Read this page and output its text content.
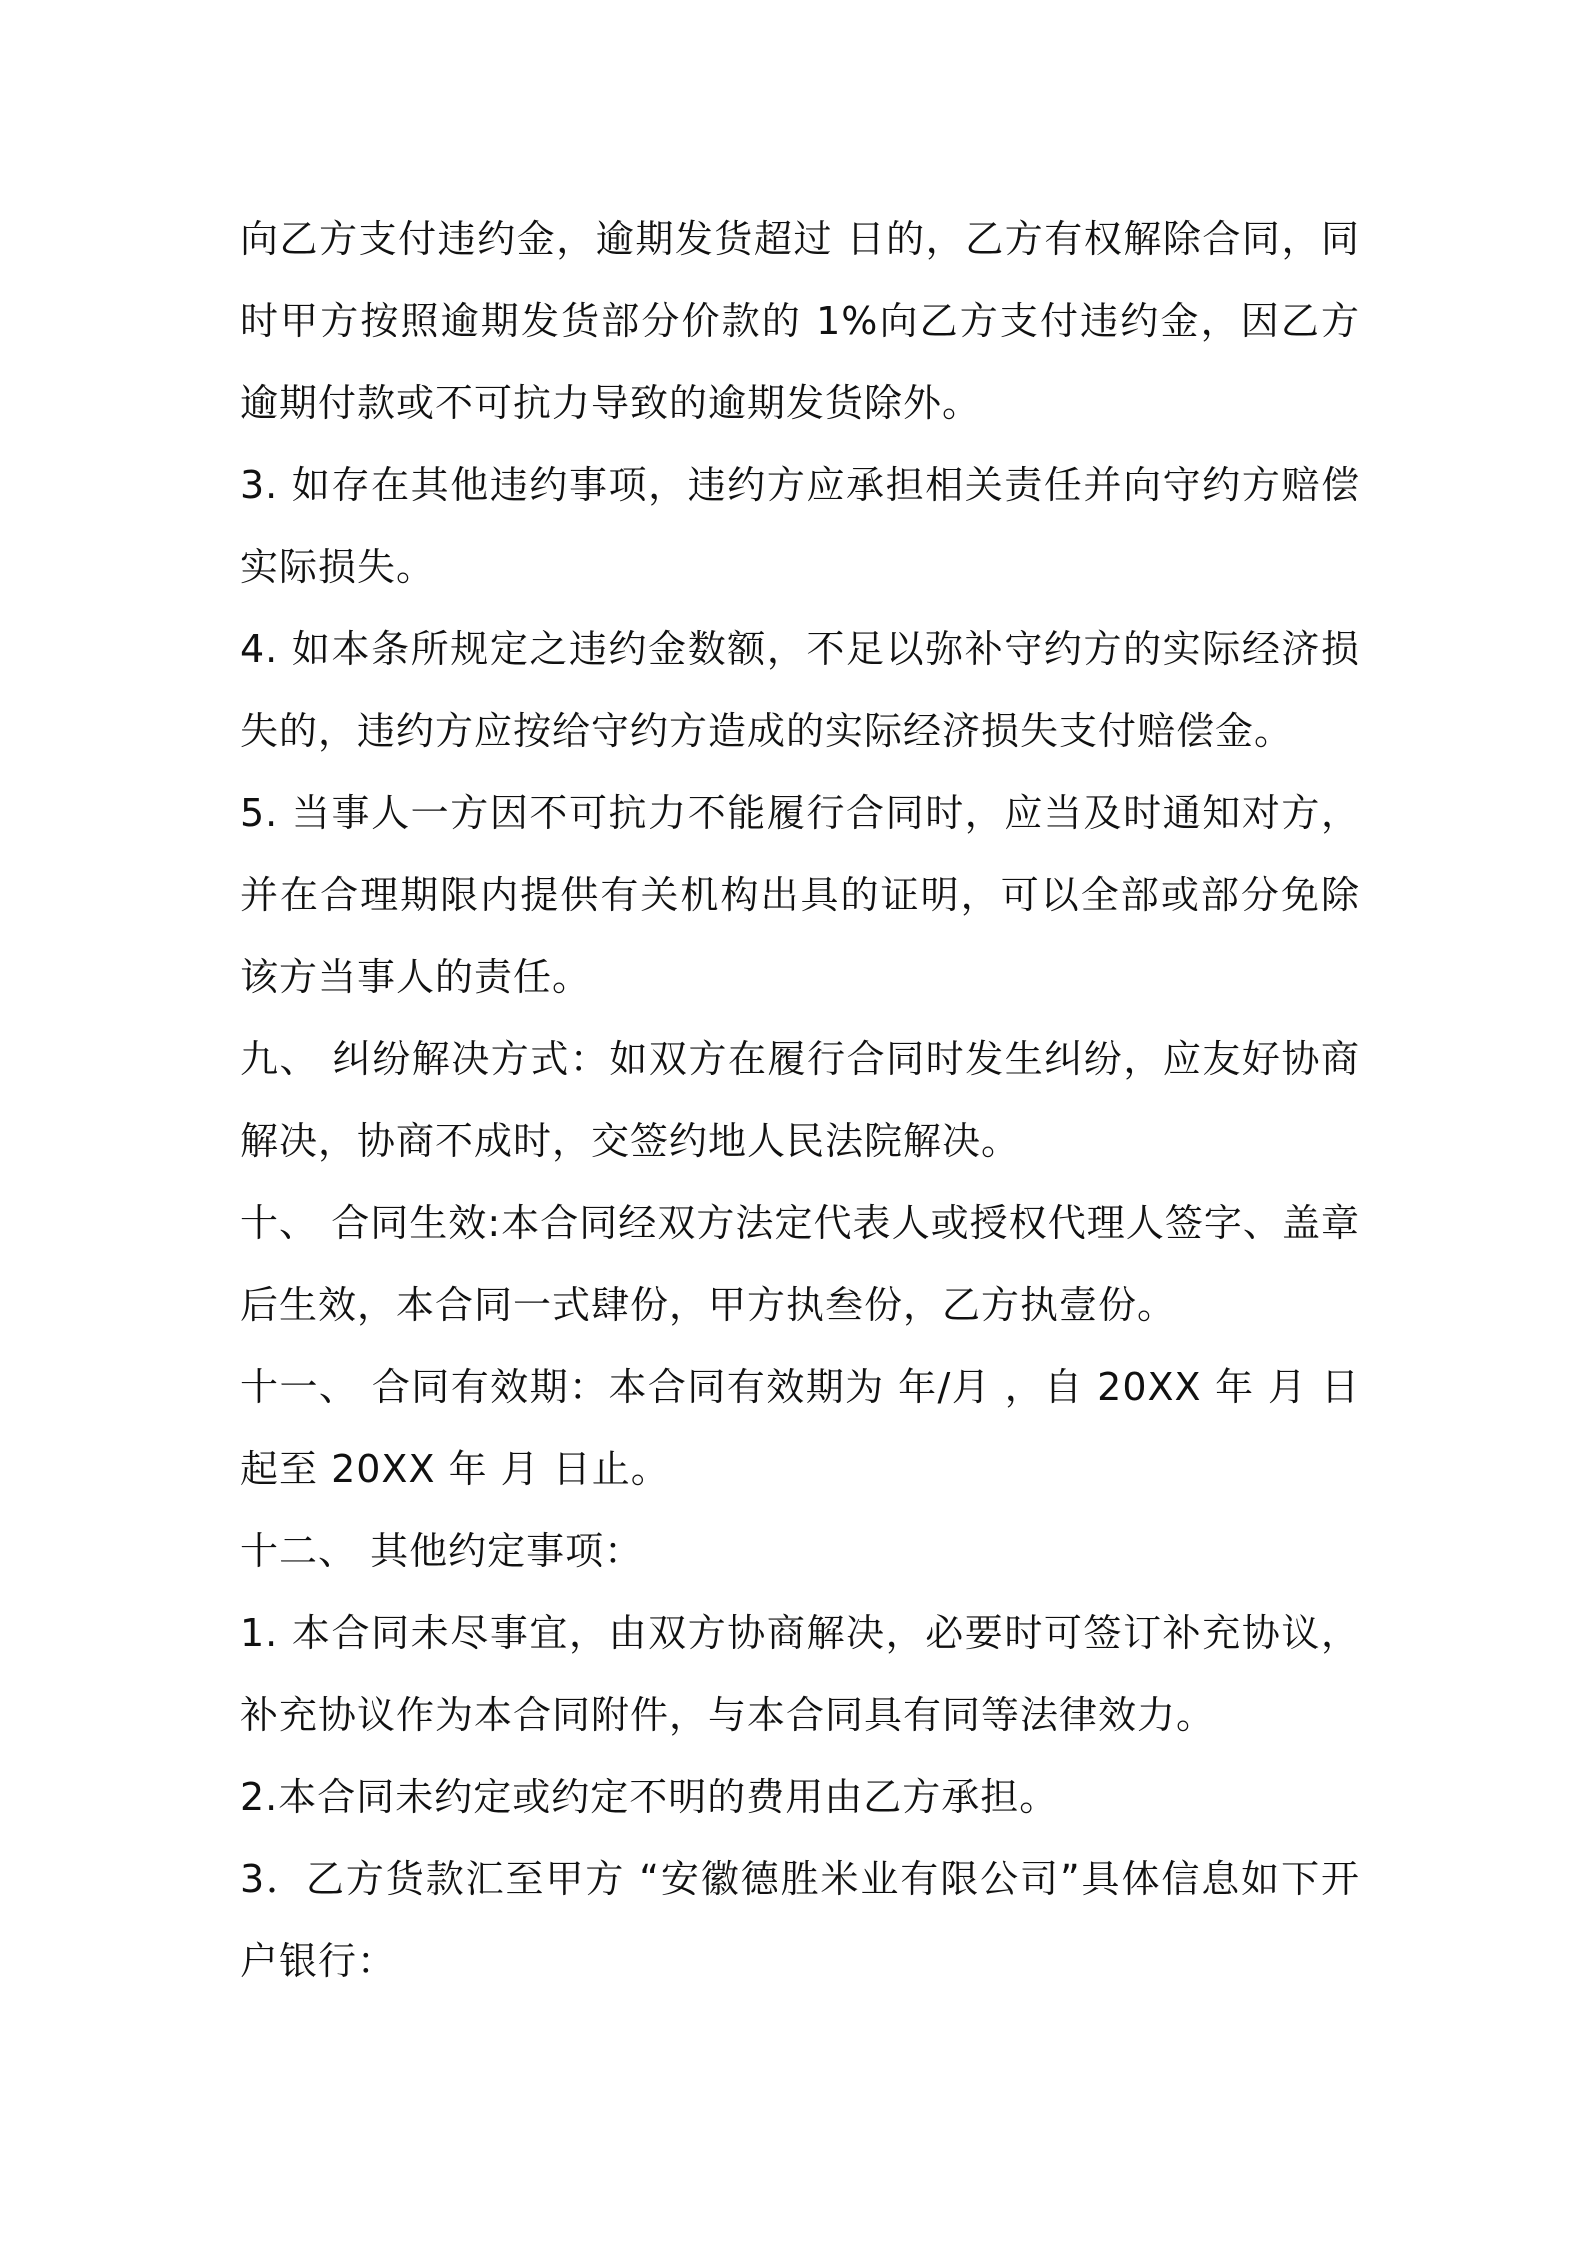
向乙方支付违约金，逾期发货超过 日的，乙方有权解除合同，同时甲方按照逾期发货部分价款的 1%向乙方支付违约金，因乙方逾期付款或不可抗力导致的逾期发货除外。

3. 如存在其他违约事项，违约方应承担相关责任并向守约方赔偿实际损失。

4. 如本条所规定之违约金数额，不足以弥补守约方的实际经济损失的，违约方应按给守约方造成的实际经济损失支付赔偿金。

5. 当事人一方因不可抗力不能履行合同时，应当及时通知对方，并在合理期限内提供有关机构出具的证明，可以全部或部分免除该方当事人的责任。

九、 纠纷解决方式：如双方在履行合同时发生纠纷，应友好协商解决，协商不成时，交签约地人民法院解决。

十、 合同生效:本合同经双方法定代表人或授权代理人签字、盖章后生效，本合同一式肆份，甲方执叁份，乙方执壹份。

十一、 合同有效期：本合同有效期为 年/月 ，自 20XX 年 月 日起至 20XX 年 月 日止。

十二、 其他约定事项：

1. 本合同未尽事宜，由双方协商解决，必要时可签订补充协议，补充协议作为本合同附件，与本合同具有同等法律效力。

2.本合同未约定或约定不明的费用由乙方承担。

3．乙方货款汇至甲方 “安徽德胜米业有限公司”具体信息如下开户银行：
